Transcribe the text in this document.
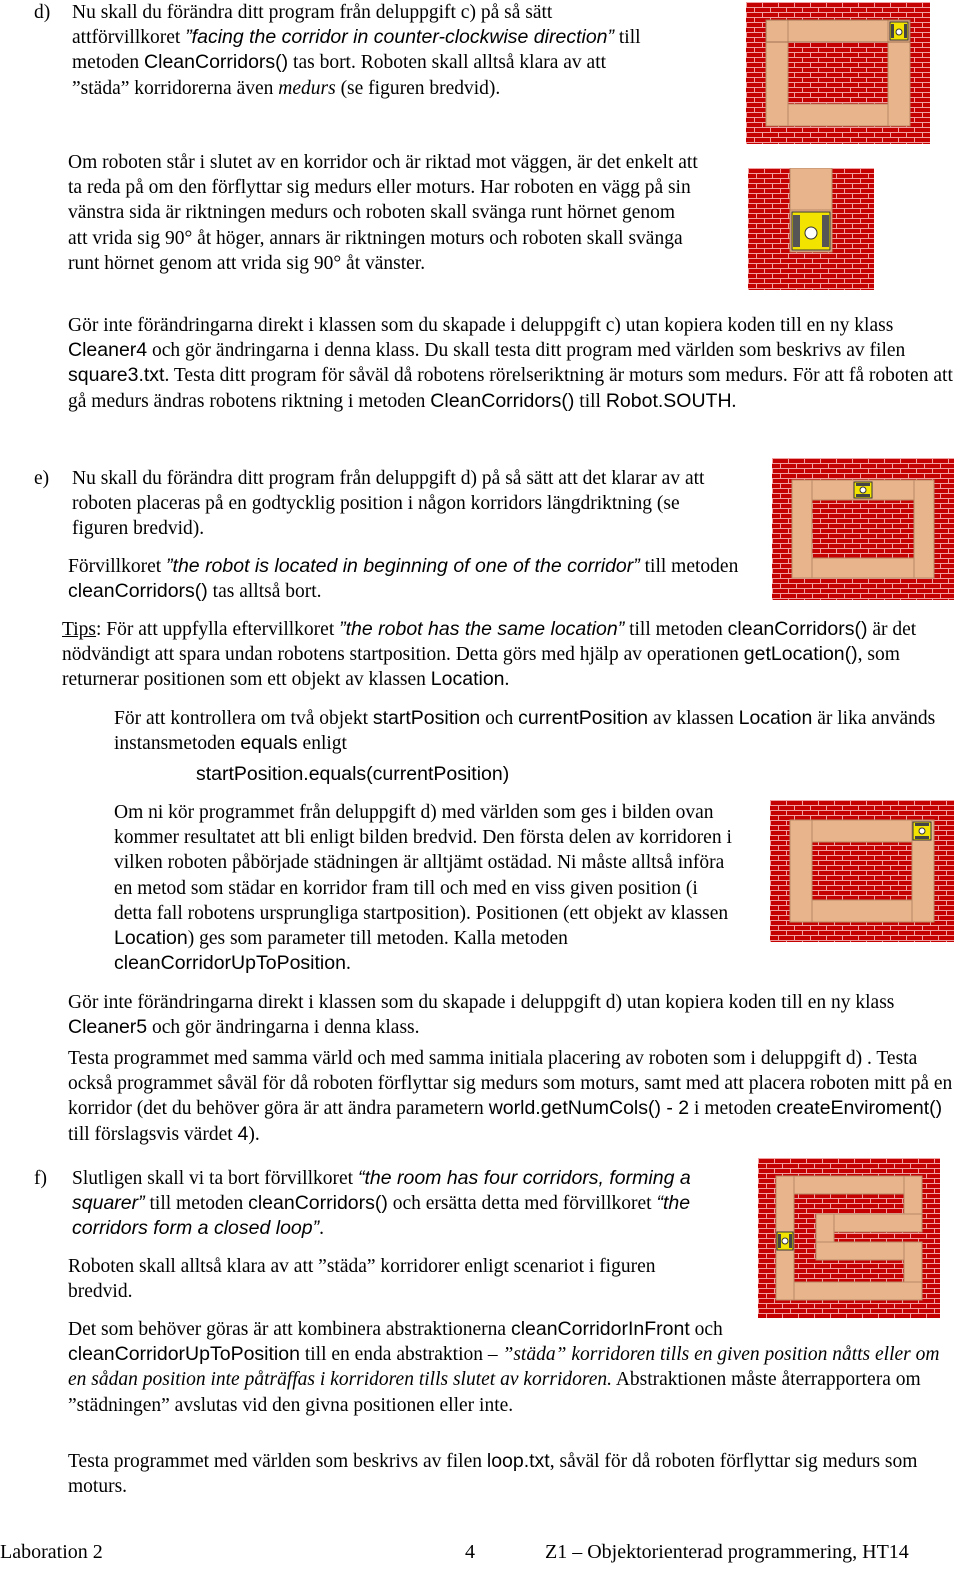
d) Nu skall du förändra ditt program från deluppgift c) på så sätt attförvillkoret ”facing the corridor in counter-clockwise direction” till metoden CleanCorridors() tas bort. Roboten skall alltså klara av att ”städa” korridorerna även medurs (se figuren bredvid).

Om roboten står i slutet av en korridor och är riktad mot väggen, är det enkelt att ta reda på om den förflyttar sig medurs eller moturs. Har roboten en vägg på sin vänstra sida är riktningen medurs och roboten skall svänga runt hörnet genom att vrida sig 90° åt höger, annars är riktningen moturs och roboten skall svänga runt hörnet genom att vrida sig 90° åt vänster.

Gör inte förändringarna direkt i klassen som du skapade i deluppgift c) utan kopiera koden till en ny klass Cleaner4 och gör ändringarna i denna klass. Du skall testa ditt program med världen som beskrivs av filen square3.txt. Testa ditt program för såväl då robotens rörelseriktning är moturs som medurs. För att få roboten att gå medurs ändras robotens riktning i metoden CleanCorridors() till Robot.SOUTH.

e) Nu skall du förändra ditt program från deluppgift d) på så sätt att det klarar av att roboten placeras på en godtycklig position i någon korridors längdriktning (se figuren bredvid).

Förvillkoret ”the robot is located in beginning of one of the corridor” till metoden cleanCorridors() tas alltså bort.

Tips: För att uppfylla eftervillkoret ”the robot has the same location” till metoden cleanCorridors() är det nödvändigt att spara undan robotens startposition. Detta görs med hjälp av operationen getLocation(), som returnerar positionen som ett objekt av klassen Location.

För att kontrollera om två objekt startPosition och currentPosition av klassen Location är lika används instansmetoden equals enligt

startPosition.equals(currentPosition)

Om ni kör programmet från deluppgift d) med världen som ges i bilden ovan kommer resultatet att bli enligt bilden bredvid. Den första delen av korridoren i vilken roboten påbörjade städningen är alltjämt ostädad. Ni måste alltså införa en metod som städar en korridor fram till och med en viss given position (i detta fall robotens ursprungliga startposition). Positionen (ett objekt av klassen Location) ges som parameter till metoden. Kalla metoden cleanCorridorUpToPosition.

Gör inte förändringarna direkt i klassen som du skapade i deluppgift d) utan kopiera koden till en ny klass Cleaner5 och gör ändringarna i denna klass.

Testa programmet med samma värld och med samma initiala placering av roboten som i deluppgift d) . Testa också programmet såväl för då roboten förflyttar sig medurs som moturs, samt med att placera roboten mitt på en korridor (det du behöver göra är att ändra parametern world.getNumCols() - 2 i metoden createEnviroment() till förslagsvis värdet 4).

f) Slutligen skall vi ta bort förvillkoret “the room has four corridors, forming a squarer” till metoden cleanCorridors() och ersätta detta med förvillkoret “the corridors form a closed loop”.

Roboten skall alltså klara av att ”städa” korridorer enligt scenariot i figuren bredvid.

Det som behöver göras är att kombinera abstraktionerna cleanCorridorInFront och cleanCorridorUpToPosition till en enda abstraktion – ”städa” korridoren tills en given position nåtts eller om en sådan position inte påträffas i korridoren tills slutet av korridoren. Abstraktionen måste återrapportera om ”städningen” avslutas vid den givna positionen eller inte.

Testa programmet med världen som beskrivs av filen loop.txt, såväl för då roboten förflyttar sig medurs som moturs.

Laboration 2	4	Z1 – Objektorienterad programmering, HT14
